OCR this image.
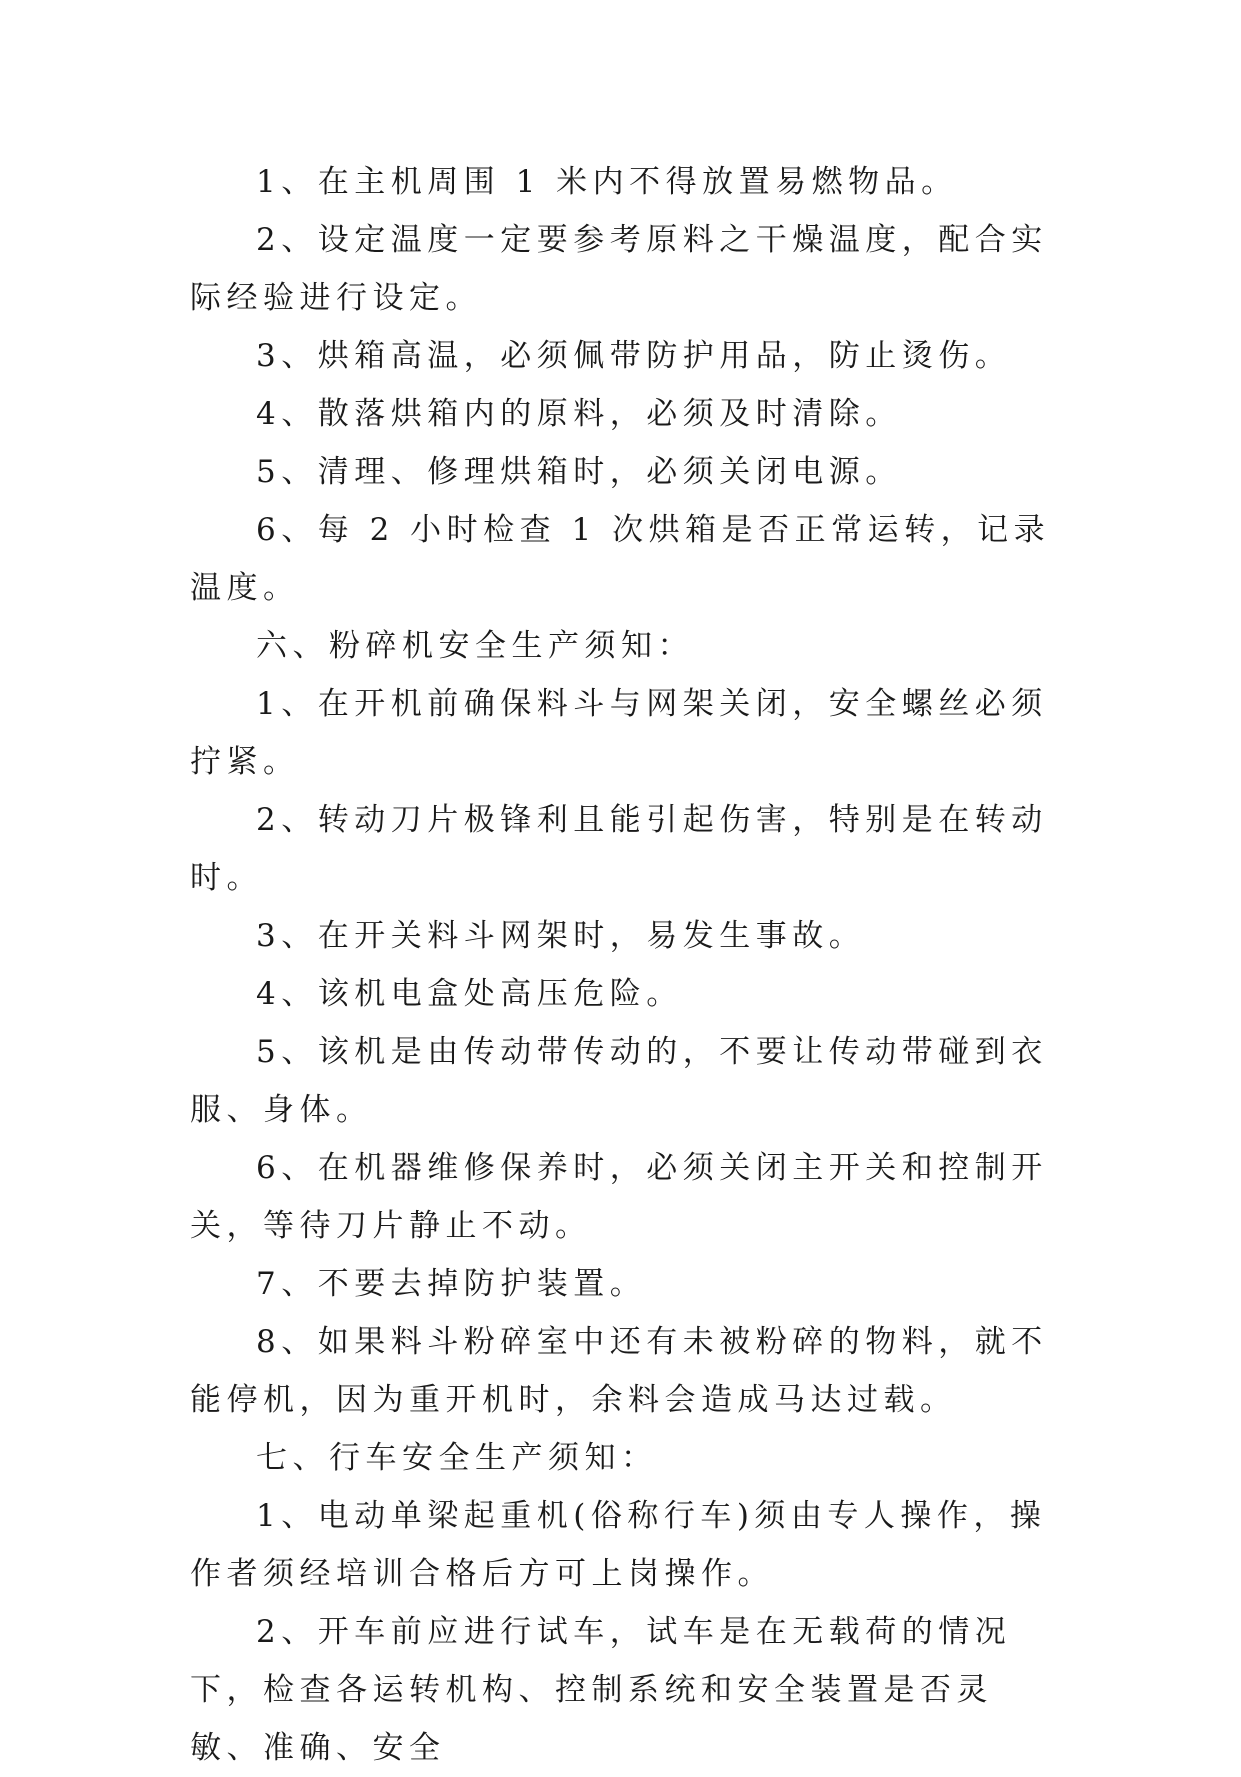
1、在主机周围 1 米内不得放置易燃物品。

2、设定温度一定要参考原料之干燥温度，配合实际经验进行设定。

3、烘箱高温，必须佩带防护用品，防止烫伤。

4、散落烘箱内的原料，必须及时清除。

5、清理、修理烘箱时，必须关闭电源。

6、每 2 小时检查 1 次烘箱是否正常运转，记录温度。

六、粉碎机安全生产须知：

1、在开机前确保料斗与网架关闭，安全螺丝必须拧紧。

2、转动刀片极锋利且能引起伤害，特别是在转动时。

3、在开关料斗网架时，易发生事故。

4、该机电盒处高压危险。

5、该机是由传动带传动的，不要让传动带碰到衣服、身体。

6、在机器维修保养时，必须关闭主开关和控制开关，等待刀片静止不动。

7、不要去掉防护装置。

8、如果料斗粉碎室中还有未被粉碎的物料，就不能停机，因为重开机时，余料会造成马达过载。

七、行车安全生产须知：

1、电动单梁起重机(俗称行车)须由专人操作，操作者须经培训合格后方可上岗操作。

2、开车前应进行试车，试车是在无载荷的情况下，检查各运转机构、控制系统和安全装置是否灵敏、准确、安全
